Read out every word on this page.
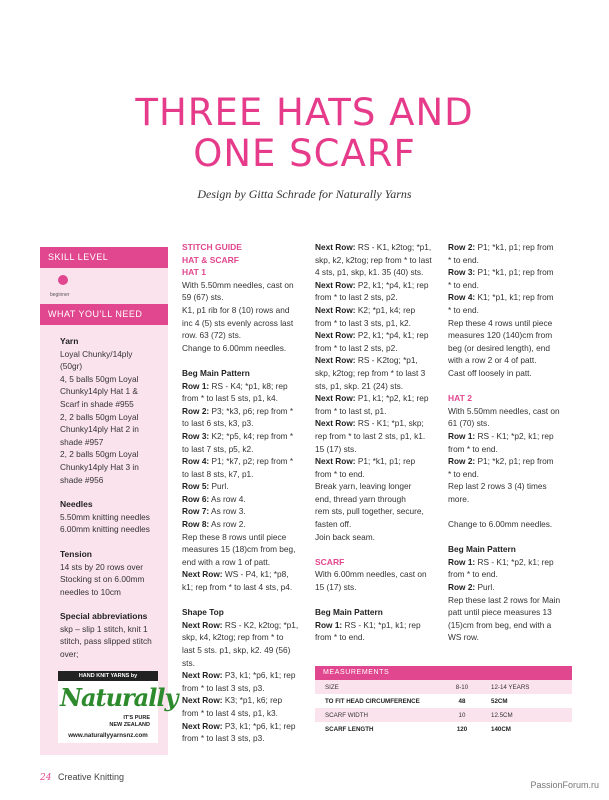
THREE HATS AND
ONE SCARF
Design by Gitta Schrade for Naturally Yarns
SKILL LEVEL
beginner
WHAT YOU'LL NEED
Yarn

Loyal Chunky/14ply

(50gr)

4, 5 balls 50gm Loyal

Chunky14ply Hat 1 &

Scarf in shade #955

2, 2 balls 50gm Loyal

Chunky14ply Hat 2 in

shade #957

2, 2 balls 50gm Loyal

Chunky14ply Hat 3 in

shade #956

Needles

5.50mm knitting needles

6.00mm knitting needles

Tension

14 sts by 20 rows over

Stocking st on 6.00mm

needles to 10cm

Special abbreviations

skp – slip 1 stitch, knit 1

stitch, pass slipped stitch

over;

HAND KNIT YARNS by
Naturally
IT'S PURE
NEW ZEALAND
www.naturallyyarnsnz.com

STITCH GUIDE

HAT & SCARF

HAT 1

With 5.50mm needles, cast on

59 (67) sts.

K1, p1 rib for 8 (10) rows and

inc 4 (5) sts evenly across last

row. 63 (72) sts.

Change to 6.00mm needles.

Beg Main Pattern

Row 1: RS - K4; *p1, k8; rep

from * to last 5 sts, p1, k4.

Row 2: P3; *k3, p6; rep from *

to last 6 sts, k3, p3.

Row 3: K2; *p5, k4; rep from *

to last 7 sts, p5, k2.

Row 4: P1; *k7, p2; rep from *

to last 8 sts, k7, p1.

Row 5: Purl.

Row 6: As row 4.

Row 7: As row 3.

Row 8: As row 2.

Rep these 8 rows until piece

measures 15 (18)cm from beg,

end with a row 1 of patt.

Next Row: WS - P4, k1; *p8,

k1; rep from * to last 4 sts, p4.

Shape Top

Next Row: RS - K2, k2tog; *p1,

skp, k4, k2tog; rep from * to

last 5 sts. p1, skp, k2. 49 (56)

sts.

Next Row: P3, k1; *p6, k1; rep

from * to last 3 sts, p3.

Next Row: K3; *p1, k6; rep

from * to last 4 sts, p1, k3.

Next Row: P3, k1; *p6, k1; rep

from * to last 3 sts, p3.

Next Row: RS - K1, k2tog; *p1,

skp, k2, k2tog; rep from * to last

4 sts, p1, skp, k1. 35 (40) sts.

Next Row: P2, k1; *p4, k1; rep

from * to last 2 sts, p2.

Next Row: K2; *p1, k4; rep

from * to last 3 sts, p1, k2.

Next Row: P2, k1; *p4, k1; rep

from * to last 2 sts, p2.

Next Row: RS - K2tog; *p1,

skp, k2tog; rep from * to last 3

sts, p1, skp. 21 (24) sts.

Next Row: P1, k1; *p2, k1; rep

from * to last st, p1.

Next Row: RS - K1; *p1, skp;

rep from * to last 2 sts, p1, k1.

15 (17) sts.

Next Row: P1; *k1, p1; rep

from * to end.

Break yarn, leaving longer

end, thread yarn through

rem sts, pull together, secure,

fasten off.

Join back seam.

SCARF

With 6.00mm needles, cast on

15 (17) sts.

Beg Main Pattern

Row 1: RS - K1; *p1, k1; rep

from * to end.

Row 2: P1; *k1, p1; rep from

* to end.

Row 3: P1; *k1, p1; rep from

* to end.

Row 4: K1; *p1, k1; rep from

* to end.

Rep these 4 rows until piece

measures 120 (140)cm from

beg (or desired length), end

with a row 2 or 4 of patt.

Cast off loosely in patt.

HAT 2

With 5.50mm needles, cast on

61 (70) sts.

Row 1: RS - K1; *p2, k1; rep

from * to end.

Row 2: P1; *k2, p1; rep from

* to end.

Rep last 2 rows 3 (4) times

more.

Change to 6.00mm needles.

Beg Main Pattern

Row 1: RS - K1; *p2, k1; rep

from * to end.

Row 2: Purl.

Rep these last 2 rows for Main

patt until piece measures 13

(15)cm from beg, end with a

WS row.

MEASUREMENTS
SIZE	8-10	12-14 YEARS
TO FIT HEAD CIRCUMFERENCE	48	52CM
SCARF WIDTH	10	12.5CM
SCARF LENGTH	120	140CM
24 Creative Knitting
PassionForum.ru
